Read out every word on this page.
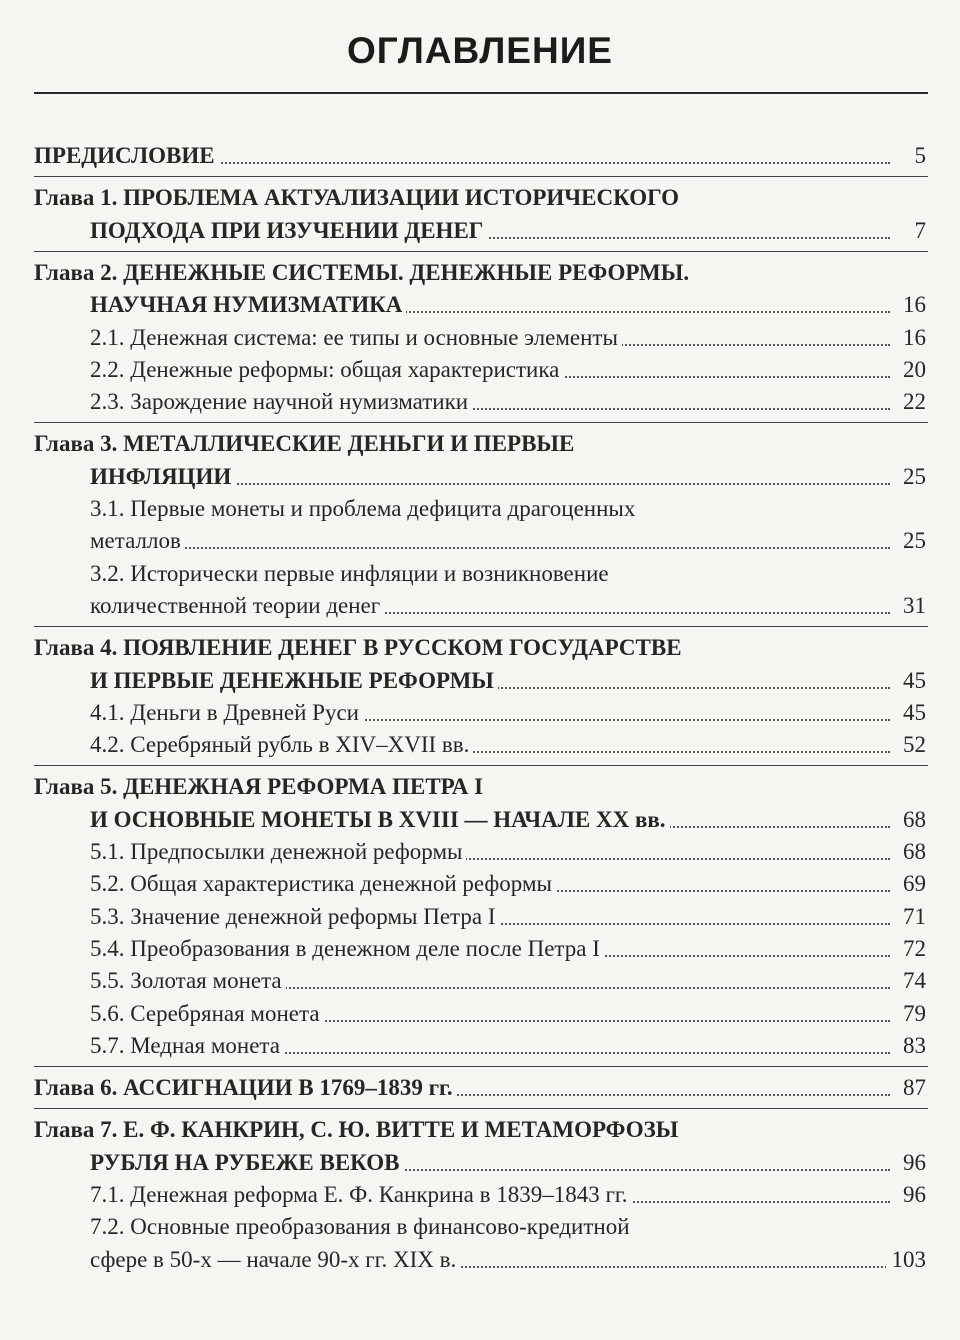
ОГЛАВЛЕНИЕ
ПРЕДИСЛОВИЕ	5
Глава 1. ПРОБЛЕМА АКТУАЛИЗАЦИИ ИСТОРИЧЕСКОГО
ПОДХОДА ПРИ ИЗУЧЕНИИ ДЕНЕГ	7
Глава 2. ДЕНЕЖНЫЕ СИСТЕМЫ. ДЕНЕЖНЫЕ РЕФОРМЫ.
НАУЧНАЯ НУМИЗМАТИКА	16
2.1. Денежная система: ее типы и основные элементы	16
2.2. Денежные реформы: общая характеристика	20
2.3. Зарождение научной нумизматики	22
Глава 3. МЕТАЛЛИЧЕСКИЕ ДЕНЬГИ И ПЕРВЫЕ
ИНФЛЯЦИИ	25
3.1. Первые монеты и проблема дефицита драгоценных
металлов	25
3.2. Исторически первые инфляции и возникновение
количественной теории денег	31
Глава 4. ПОЯВЛЕНИЕ ДЕНЕГ В РУССКОМ ГОСУДАРСТВЕ
И ПЕРВЫЕ ДЕНЕЖНЫЕ РЕФОРМЫ	45
4.1. Деньги в Древней Руси	45
4.2. Серебряный рубль в XIV–XVII вв.	52
Глава 5. ДЕНЕЖНАЯ РЕФОРМА ПЕТРА I
И ОСНОВНЫЕ МОНЕТЫ В XVIII — НАЧАЛЕ XX вв.	68
5.1. Предпосылки денежной реформы	68
5.2. Общая характеристика денежной реформы	69
5.3. Значение денежной реформы Петра I	71
5.4. Преобразования в денежном деле после Петра I	72
5.5. Золотая монета	74
5.6. Серебряная монета	79
5.7. Медная монета	83
Глава 6. АССИГНАЦИИ В 1769–1839 гг.	87
Глава 7. Е. Ф. КАНКРИН, С. Ю. ВИТТЕ И МЕТАМОРФОЗЫ
РУБЛЯ НА РУБЕЖЕ ВЕКОВ	96
7.1. Денежная реформа Е. Ф. Канкрина в 1839–1843 гг.	96
7.2. Основные преобразования в финансово-кредитной
сфере в 50-х — начале 90-х гг. XIX в.	103
